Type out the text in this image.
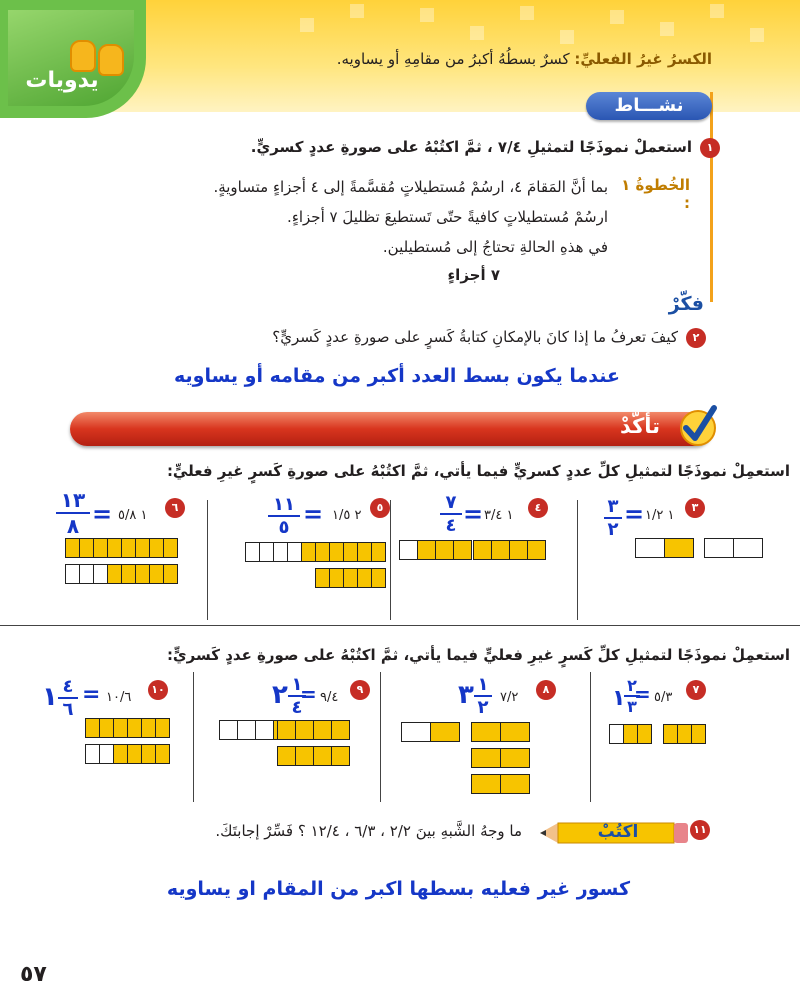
يدويات
الكسرُ غيرُ الفعليِّ: كسرٌ بسطُهُ أكبرُ من مقامِهِ أو يساويه.
نشـــاط
١
استعملْ نموذَجًا لتمثيلِ ٧/٤ ، ثمَّ اكتُبْهُ على صورةِ عددٍ كسريٍّ.
الخُطوةُ ١ :
بما أنَّ المَقامَ ٤، ارسُمْ مُستطيلاتٍ مُقسَّمةً إلى ٤ أجزاءٍ متساويةٍ.
ارسُمْ مُستطيلاتٍ كافيةً حتّى تَستطيعَ تظليلَ ٧ أجزاءٍ.
في هذهِ الحالةِ تحتاجُ إلى مُستطيلين.
٧ أجزاءٍ
فكّرْ
٢
كيفَ تعرفُ ما إذا كانَ بالإمكانِ كتابةُ كَسرٍ على صورةِ عددٍ كَسريٍّ؟
عندما يكون بسط العدد أكبر من مقامه أو يساويه
تأكَّدْ
استعمِلْ نموذَجًا لتمثيلِ كلِّ عددٍ كسريٍّ فيما يأتي، ثمَّ اكتُبْهُ على صورةِ كَسرٍ غيرِ فعليٍّ:
٣
١ ١/٢
=
٣
٢
٤
١ ٣/٤
=
٧
٤
٥
٢ ١/٥
=
١١
٥
٦
١ ٥/٨
=
١٣
٨
استعمِلْ نموذَجًا لتمثيلِ كلِّ كَسرٍ غيرِ فعليٍّ فيما يأتي، ثمَّ اكتُبْهُ على صورةِ عددٍ كَسريٍّ:
٧
٥/٣
=
١
٢
٣
٨
٧/٢
٣ ١
٢
٩
٩/٤
=
٢ ١
٤
١٠
١٠/٦
=
١ ٤
٦
اكتُبْ	١١
ما وجهُ الشَّبهِ بينَ ٢/٢ ، ٦/٣ ، ١٢/٤ ؟ فَسِّرْ إجابتَكَ.
كسور غير فعليه بسطها اكبر من المقام او يساويه
٥٧
